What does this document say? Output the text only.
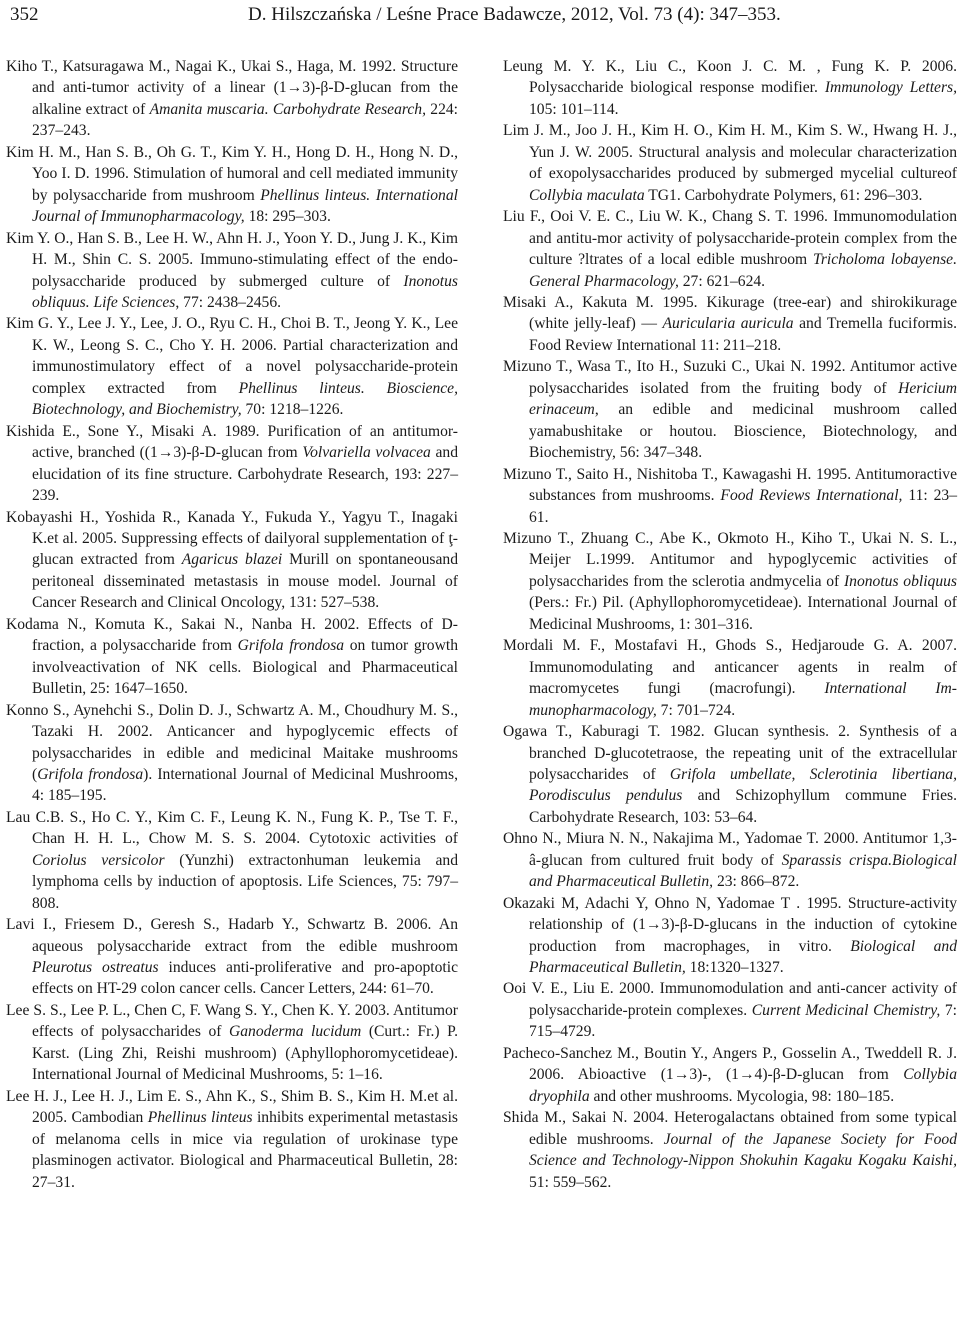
352	D. Hilszczańska / Leśne Prace Badawcze, 2012, Vol. 73 (4): 347–353.

Kiho T., Katsuragawa M., Nagai K., Ukai S., Haga, M. 1992. Structure and anti-tumor activity of a linear (1→3)-β-D-glucan from the alkaline extract of Amanita muscaria. Carbohydrate Research, 224: 237–243.

Kim H. M., Han S. B., Oh G. T., Kim Y. H., Hong D. H., Hong N. D., Yoo I. D. 1996. Stimulation of humoral and cell mediated immunity by polysaccharide from mushroom Phellinus linteus. International Journal of Immunopharmacology, 18: 295–303.

Kim Y. O., Han S. B., Lee H. W., Ahn H. J., Yoon Y. D., Jung J. K., Kim H. M., Shin C. S. 2005. Immuno-stimulating effect of the endo-polysaccharide produced by submerged culture of Inonotus obliquus. Life Sciences, 77: 2438–2456.

Kim G. Y., Lee J. Y., Lee, J. O., Ryu C. H., Choi B. T., Jeong Y. K., Lee K. W., Leong S. C., Cho Y. H. 2006. Partial characterization and immunostimulatory effect of a novel polysaccharide-protein complex extracted from Phellinus linteus. Bioscience, Biotechnology, and Biochemistry, 70: 1218–1226.

Kishida E., Sone Y., Misaki A. 1989. Purification of an antitumor-active, branched ((1→3)-β-D-glucan from Volvariella volvacea and elucidation of its fine structure. Carbohydrate Research, 193: 227–239.

Kobayashi H., Yoshida R., Kanada Y., Fukuda Y., Yagyu T., Inagaki K.et al. 2005. Suppressing effects of dailyoral supplementation of ţ-glucan extracted from Agaricus blazei Murill on spontaneousand peritoneal disseminated metastasis in mouse model. Journal of Cancer Research and Clinical Oncology, 131: 527–538.

Kodama N., Komuta K., Sakai N., Nanba H. 2002. Effects of D-fraction, a polysaccharide from Grifola frondosa on tumor growth involveactivation of NK cells. Biological and Pharmaceutical Bulletin, 25: 1647–1650.

Konno S., Aynehchi S., Dolin D. J., Schwartz A. M., Choudhury M. S., Tazaki H. 2002. Anticancer and hypoglycemic effects of polysaccharides in edible and medicinal Maitake mushrooms (Grifola frondosa). International Journal of Medicinal Mushrooms, 4: 185–195.

Lau C.B. S., Ho C. Y., Kim C. F., Leung K. N., Fung K. P., Tse T. F., Chan H. H. L., Chow M. S. S. 2004. Cytotoxic activities of Coriolus versicolor (Yunzhi) extractonhuman leukemia and lymphoma cells by induction of apoptosis. Life Sciences, 75: 797–808.

Lavi I., Friesem D., Geresh S., Hadarb Y., Schwartz B. 2006. An aqueous polysaccharide extract from the edible mushroom Pleurotus ostreatus induces anti-proliferative and pro-apoptotic effects on HT-29 colon cancer cells. Cancer Letters, 244: 61–70.

Lee S. S., Lee P. L., Chen C, F. Wang S. Y., Chen K. Y. 2003. Antitumor effects of polysaccharides of Ganoderma lucidum (Curt.: Fr.) P. Karst. (Ling Zhi, Reishi mushroom) (Aphyllophoromycetideae). International Journal of Medicinal Mushrooms, 5: 1–16.

Lee H. J., Lee H. J., Lim E. S., Ahn K., S., Shim B. S., Kim H. M.et al. 2005. Cambodian Phellinus linteus inhibits experimental metastasis of melanoma cells in mice via regulation of urokinase type plasminogen activator. Biological and Pharmaceutical Bulletin, 28: 27–31.

Leung M. Y. K., Liu C., Koon J. C. M. , Fung K. P. 2006. Polysaccharide biological response modifier. Immunology Letters, 105: 101–114.

Lim J. M., Joo J. H., Kim H. O., Kim H. M., Kim S. W., Hwang H. J., Yun J. W. 2005. Structural analysis and molecular characterization of exopolysaccharides produced by submerged mycelial cultureof Collybia maculata TG1. Carbohydrate Polymers, 61: 296–303.

Liu F., Ooi V. E. C., Liu W. K., Chang S. T. 1996. Immunomodulation and antitu-mor activity of polysaccharide-protein complex from the culture ?ltrates of a local edible mushroom Tricholoma lobayense. General Pharmacology, 27: 621–624.

Misaki A., Kakuta M. 1995. Kikurage (tree-ear) and shirokikurage (white jelly-leaf) — Auricularia auricula and Tremella fuciformis. Food Review International 11: 211–218.

Mizuno T., Wasa T., Ito H., Suzuki C., Ukai N. 1992. Antitumor active polysaccharides isolated from the fruiting body of Hericium erinaceum, an edible and medicinal mushroom called yamabushitake or houtou. Bioscience, Biotechnology, and Biochemistry, 56: 347–348.

Mizuno T., Saito H., Nishitoba T., Kawagashi H. 1995. Antitumoractive substances from mushrooms. Food Reviews International, 11: 23–61.

Mizuno T., Zhuang C., Abe K., Okmoto H., Kiho T., Ukai N. S. L., Meijer L.1999. Antitumor and hypoglycemic activities of polysaccharides from the sclerotia andmycelia of Inonotus obliquus (Pers.: Fr.) Pil. (Aphyllophoromycetideae). International Journal of Medicinal Mushrooms, 1: 301–316.

Mordali M. F., Mostafavi H., Ghods S., Hedjaroude G. A. 2007. Immunomodulating and anticancer agents in realm of macromycetes fungi (macrofungi). International Immunopharmacology, 7: 701–724.

Ogawa T., Kaburagi T. 1982. Glucan synthesis. 2. Synthesis of a branched D-glucotetraose, the repeating unit of the extracellular polysaccharides of Grifola umbellate, Sclerotinia libertiana, Porodisculus pendulus and Schizophyllum commune Fries. Carbohydrate Research, 103: 53–64.

Ohno N., Miura N. N., Nakajima M., Yadomae T. 2000. Antitumor 1,3-â-glucan from cultured fruit body of Sparassis crispa.Biological and Pharmaceutical Bulletin, 23: 866–872.

Okazaki M, Adachi Y, Ohno N, Yadomae T . 1995. Structure-activity relationship of (1→3)-β-D-glucans in the induction of cytokine production from macrophages, in vitro. Biological and Pharmaceutical Bulletin, 18:1320–1327.

Ooi V. E., Liu E. 2000. Immunomodulation and anti-cancer activity of polysaccharide-protein complexes. Current Medicinal Chemistry, 7: 715–4729.

Pacheco-Sanchez M., Boutin Y., Angers P., Gosselin A., Tweddell R. J. 2006. Abioactive (1→3)-, (1→4)-β-D-glucan from Collybia dryophila and other mushrooms. Mycologia, 98: 180–185.

Shida M., Sakai N. 2004. Heterogalactans obtained from some typical edible mushrooms. Journal of the Japanese Society for Food Science and Technology-Nippon Shokuhin Kagaku Kogaku Kaishi, 51: 559–562.
